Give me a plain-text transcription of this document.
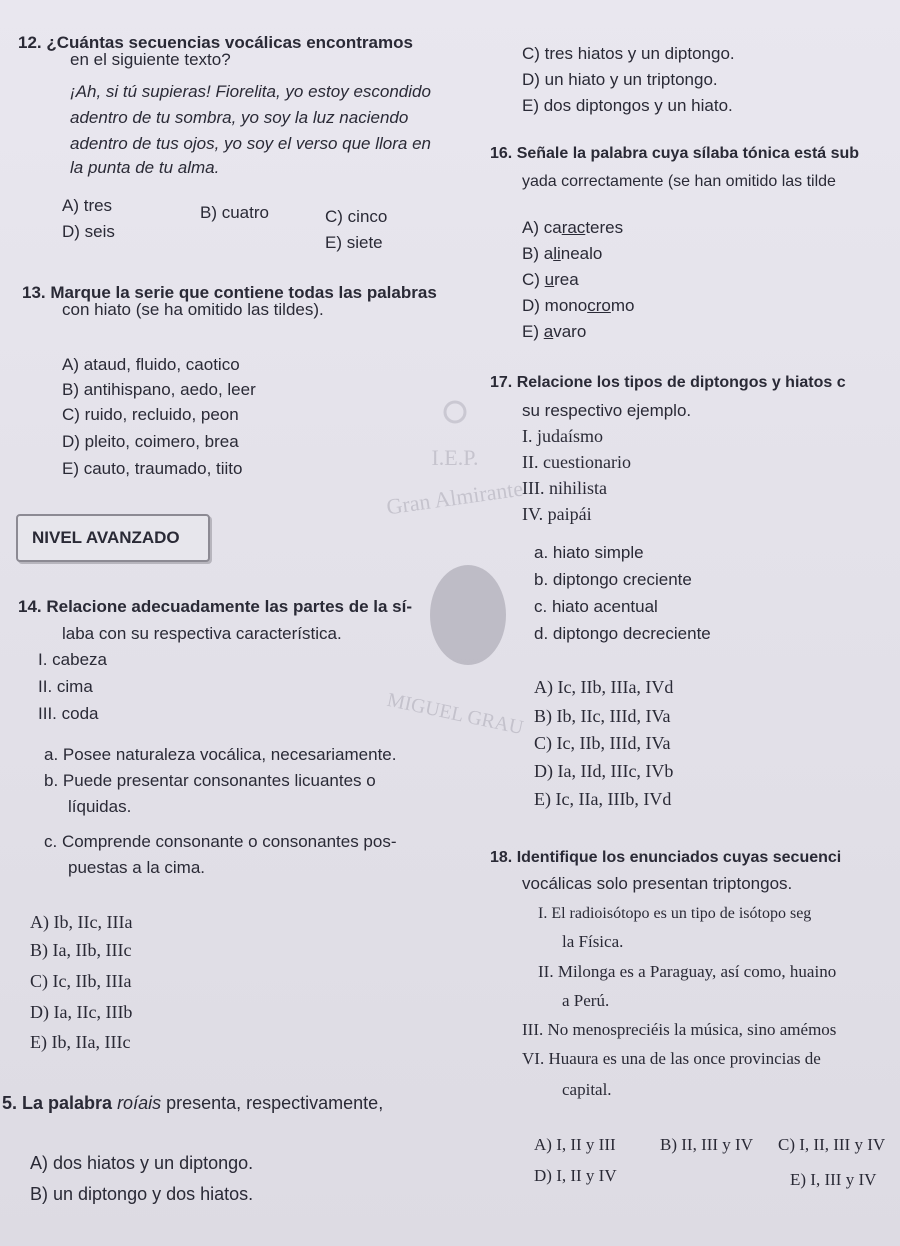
I.E.P.
Gran Almirante
MIGUEL GRAU
12. ¿Cuántas secuencias vocálicas encontramos
en el siguiente texto?
¡Ah, si tú supieras! Fiorelita, yo estoy escondido
adentro de tu sombra, yo soy la luz naciendo
adentro de tus ojos, yo soy el verso que llora en
la punta de tu alma.
A) tres	B) cuatro	C) cinco
D) seis
E) siete
13. Marque la serie que contiene todas las palabras
con hiato (se ha omitido las tildes).
A) ataud, fluido, caotico
B) antihispano, aedo, leer
C) ruido, recluido, peon
D) pleito, coimero, brea
E) cauto, traumado, tiito
NIVEL AVANZADO
14. Relacione adecuadamente las partes de la sí-
laba con su respectiva característica.
I. cabeza
II. cima
III. coda
a. Posee naturaleza vocálica, necesariamente.
b. Puede presentar consonantes licuantes o
líquidas.
c. Comprende consonante o consonantes pos-
puestas a la cima.
A) Ib, IIc, IIIa
B) Ia, IIb, IIIc
C) Ic, IIb, IIIa
D) Ia, IIc, IIIb
E) Ib, IIa, IIIc
5. La palabra roíais presenta, respectivamente,
A) dos hiatos y un diptongo.
B) un diptongo y dos hiatos.
C) tres hiatos y un diptongo.
D) un hiato y un triptongo.
E) dos diptongos y un hiato.
16. Señale la palabra cuya sílaba tónica está sub
yada correctamente (se han omitido las tilde
A) caracteres
B) alinealo
C) urea
D) monocromo
E) avaro
17. Relacione los tipos de diptongos y hiatos c
su respectivo ejemplo.
I. judaísmo
II. cuestionario
III. nihilista
IV. paipái
a. hiato simple
b. diptongo creciente
c. hiato acentual
d. diptongo decreciente
A) Ic, IIb, IIIa, IVd
B) Ib, IIc, IIId, IVa
C) Ic, IIb, IIId, IVa
D) Ia, IId, IIIc, IVb
E) Ic, IIa, IIIb, IVd
18. Identifique los enunciados cuyas secuenci
vocálicas solo presentan triptongos.
I. El radioisótopo es un tipo de isótopo seg
la Física.
II. Milonga es a Paraguay, así como, huaino
a Perú.
III. No menospreciéis la música, sino amémos
VI. Huaura es una de las once provincias de
capital.
A) I, II y III	B) II, III y IV C) I, II, III y IV
D) I, II y IV	E) I, III y IV
